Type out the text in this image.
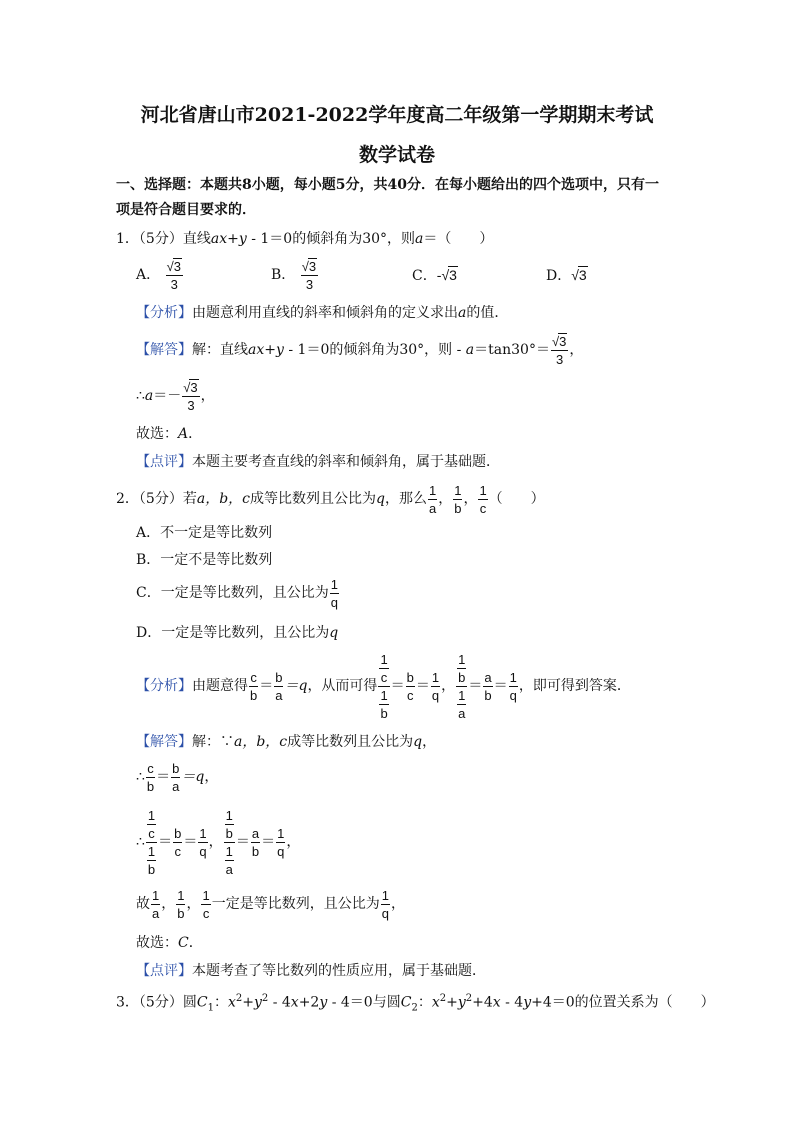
河北省唐山市2021-2022学年度高二年级第一学期期末考试
数学试卷
一、选择题：本题共8小题，每小题5分，共40分．在每小题给出的四个选项中，只有一
项是符合题目要求的．
1．（5分）直线ax+y - 1＝0的倾斜角为30°，则a＝（　　）
A． $\frac{√3}{3}$	B． $\frac{√3}{3}$	C．-√3	D．√3
【分析】由题意利用直线的斜率和倾斜角的定义求出a的值．
【解答】解：直线ax+y - 1＝0的倾斜角为30°，则 - $a=\tan 30^\circ= \frac{√3}{3}$ ，
∴a＝－ $\frac{√3}{3}$ ，
故选：A．
【点评】本题主要考查直线的斜率和倾斜角，属于基础题．
2．（5分）若a，b，c成等比数列且公比为q，那么 $\frac{1}{a}$ ， $\frac{1}{b}$ ， $\frac{1}{c}$ （　　）
A．不一定是等比数列
B．一定不是等比数列
C．一定是等比数列，且公比为 $\frac{1}{q}$
D．一定是等比数列，且公比为q
【分析】由题意得 $\frac{c}{b} = \frac{b}{a} =q$，从而可得 $\frac{\frac{1}{c}}{\frac{1}{b}} = \frac{b}{c} = \frac{1}{q}$ ， $\frac{\frac{1}{b}}{\frac{1}{a}} = \frac{a}{b} = \frac{1}{q}$ ，即可得到答案．
【解答】解：∵a，b，c成等比数列且公比为q，
∴ $\frac{c}{b} = \frac{b}{a} =q$，
∴ $\frac{\frac{1}{c}}{\frac{1}{b}} = \frac{b}{c} = \frac{1}{q}$ ， $\frac{\frac{1}{b}}{\frac{1}{a}} = \frac{a}{b} = \frac{1}{q}$ ，
故 $\frac{1}{a}$ ， $\frac{1}{b}$ ， $\frac{1}{c}$ 一定是等比数列，且公比为 $\frac{1}{q}$ ，
故选：C．
【点评】本题考查了等比数列的性质应用，属于基础题．
3．（5分）圆$C_1$：$x^2+y^2 - 4x+2y - 4=0$与圆$C_2$：$x^2+y^2+4x - 4y+4=0$的位置关系为（　　）
